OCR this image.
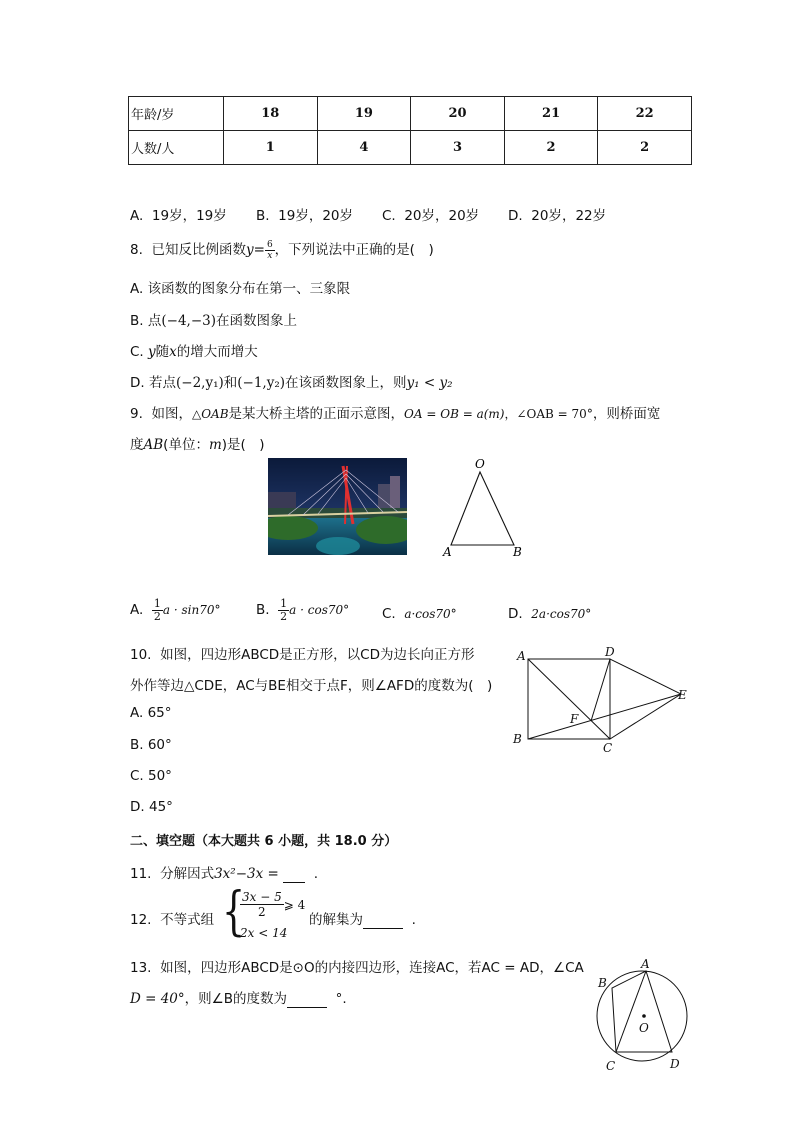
年龄/岁	18	19	20	21	22
人数/人	1	4	3	2	2
A. 19岁，19岁 B. 19岁，20岁 C. 20岁，20岁 D. 20岁，22岁
8. 已知反比例函数$y= \frac{6}{x}$ ，下列说法中正确的是(　)
A. 该函数的图象分布在第一、三象限
B. 点(−4,−3)在函数图象上
C. y随x的增大而增大
D. 若点(−2,y₁)和(−1,y₂)在该函数图象上，则y₁ < y₂
9. 如图，△OAB是某大桥主塔的正面示意图，OA = OB = a(m)，∠OAB = 70°，则桥面宽
度AB(单位：m)是(　)
O
A	B
A. $\frac{1}{2}$ a · sin70°	B. $\frac{1}{2}$ a · cos70° C. a·cos70°	D. 2a·cos70°
10. 如图，四边形ABCD是正方形，以CD为边长向正方形
外作等边△CDE，AC与BE相交于点F，则∠AFD的度数为(　)
A. 65°
B. 60°
C. 50°
D. 45°
A	D
B
C
E
F
二、填空题（本大题共 6 小题，共 18.0 分）
11. 分解因式3x²−3x =	.
12. 不等式组 {
$\frac{3x - 5}{2}$ ⩾ 4
2x < 14
的解集为	.
13. 如图，四边形ABCD是⊙O的内接四边形，连接AC，若AC = AD，∠CA
D = 40°，则∠B的度数为	°.
A
B
C	D
O
